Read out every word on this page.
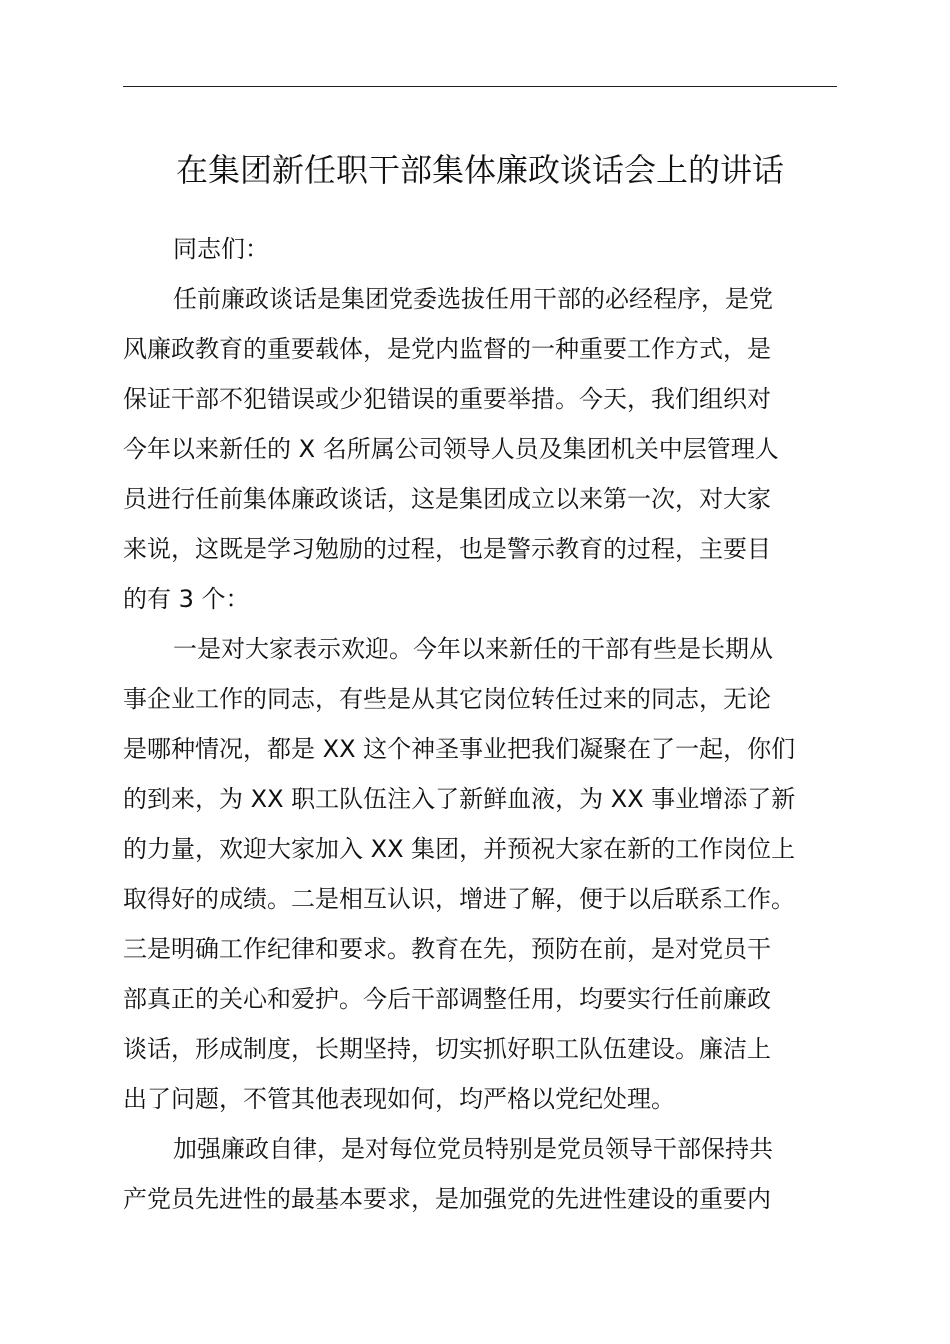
在集团新任职干部集体廉政谈话会上的讲话

同志们：

任前廉政谈话是集团党委选拔任用干部的必经程序，是党
风廉政教育的重要载体，是党内监督的一种重要工作方式，是
保证干部不犯错误或少犯错误的重要举措。今天，我们组织对
今年以来新任的 X 名所属公司领导人员及集团机关中层管理人
员进行任前集体廉政谈话，这是集团成立以来第一次，对大家
来说，这既是学习勉励的过程，也是警示教育的过程，主要目
的有 3 个：

一是对大家表示欢迎。今年以来新任的干部有些是长期从
事企业工作的同志，有些是从其它岗位转任过来的同志，无论
是哪种情况，都是 XX 这个神圣事业把我们凝聚在了一起，你们
的到来，为 XX 职工队伍注入了新鲜血液，为 XX 事业增添了新
的力量，欢迎大家加入 XX 集团，并预祝大家在新的工作岗位上
取得好的成绩。二是相互认识，增进了解，便于以后联系工作。
三是明确工作纪律和要求。教育在先，预防在前，是对党员干
部真正的关心和爱护。今后干部调整任用，均要实行任前廉政
谈话，形成制度，长期坚持，切实抓好职工队伍建设。廉洁上
出了问题，不管其他表现如何，均严格以党纪处理。

加强廉政自律，是对每位党员特别是党员领导干部保持共
产党员先进性的最基本要求，是加强党的先进性建设的重要内
